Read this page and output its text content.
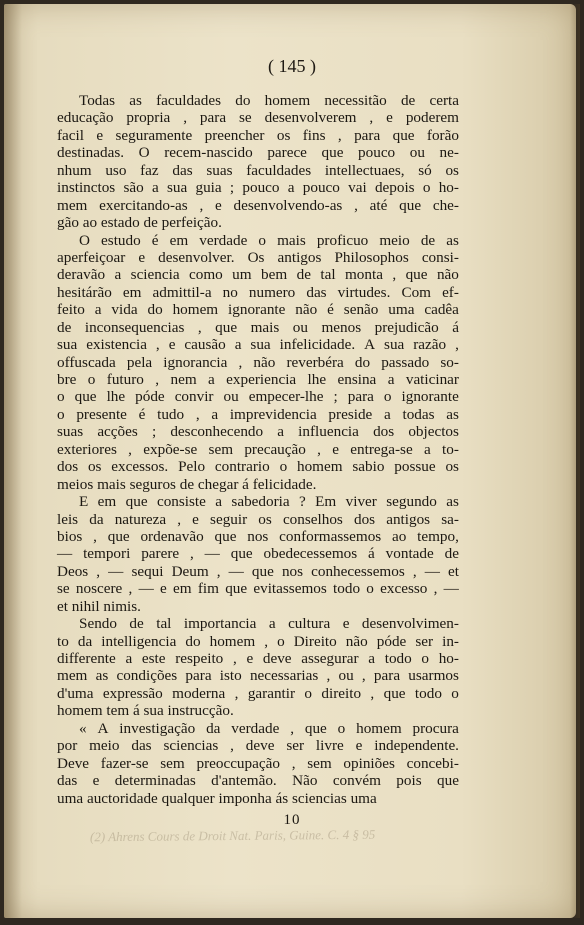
( 145 )
Todas as faculdades do homem necessitão de certa
educação propria , para se desenvolverem , e poderem
facil e seguramente preencher os fins , para que forão
destinadas. O recem-nascido parece que pouco ou ne-
nhum uso faz das suas faculdades intellectuaes, só os
instinctos são a sua guia ; pouco a pouco vai depois o ho-
mem exercitando-as , e desenvolvendo-as , até que che-
gão ao estado de perfeição.
O estudo é em verdade o mais proficuo meio de as
aperfeiçoar e desenvolver. Os antigos Philosophos consi-
deravão a sciencia como um bem de tal monta , que não
hesitárão em admittil-a no numero das virtudes. Com ef-
feito a vida do homem ignorante não é senão uma cadêa
de inconsequencias , que mais ou menos prejudicão á
sua existencia , e causão a sua infelicidade. A sua razão ,
offuscada pela ignorancia , não reverbéra do passado so-
bre o futuro , nem a experiencia lhe ensina a vaticinar
o que lhe póde convir ou empecer-lhe ; para o ignorante
o presente é tudo , a imprevidencia preside a todas as
suas acções ; desconhecendo a influencia dos objectos
exteriores , expõe-se sem precaução , e entrega-se a to-
dos os excessos. Pelo contrario o homem sabio possue os
meios mais seguros de chegar á felicidade.
E em que consiste a sabedoria ? Em viver segundo as
leis da natureza , e seguir os conselhos dos antigos sa-
bios , que ordenavão que nos conformassemos ao tempo,
— tempori parere , — que obedecessemos á vontade de
Deos , — sequi Deum , — que nos conhecessemos , — et
se noscere , — e em fim que evitassemos todo o excesso , —
et nihil nimis.
Sendo de tal importancia a cultura e desenvolvimen-
to da intelligencia do homem , o Direito não póde ser in-
differente a este respeito , e deve assegurar a todo o ho-
mem as condições para isto necessarias , ou , para usarmos
d'uma expressão moderna , garantir o direito , que todo o
homem tem á sua instrucção.
« A investigação da verdade , que o homem procura
por meio das sciencias , deve ser livre e independente.
Deve fazer-se sem preoccupação , sem opiniões concebi-
das e determinadas d'antemão. Não convém pois que
uma auctoridade qualquer imponha ás sciencias uma
(2) Ahrens Cours de Droit Nat. Paris, Guine. C. 4 § 95
10
